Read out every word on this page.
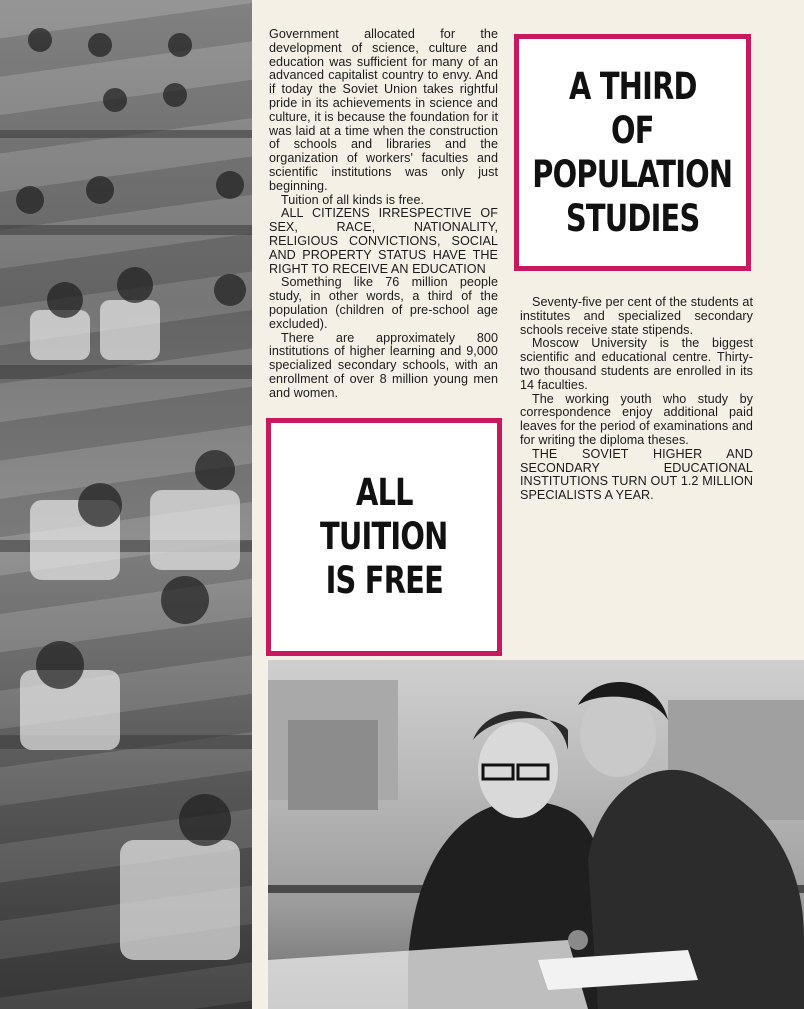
Government allocated for the development of science, culture and education was sufficient for many of an advanced capitalist country to envy. And if today the Soviet Union takes rightful pride in its achievements in science and culture, it is because the foundation for it was laid at a time when the construction of schools and libraries and the organization of workers' faculties and scientific institutions was only just beginning.

Tuition of all kinds is free.

ALL CITIZENS IRRESPECTIVE OF SEX, RACE, NATIONALITY, RELIGIOUS CONVICTIONS, SOCIAL AND PROPERTY STATUS HAVE THE RIGHT TO RECEIVE AN EDUCATION

Something like 76 million people study, in other words, a third of the population (children of pre-school age excluded).

There are approximately 800 institutions of higher learning and 9,000 specialized secondary schools, with an enrollment of over 8 million young men and women.

A THIRD
OF
POPULATION
STUDIES

Seventy-five per cent of the students at institutes and specialized secondary schools receive state stipends.

Moscow University is the biggest scientific and educational centre. Thirty-two thousand students are enrolled in its 14 faculties.

The working youth who study by correspondence enjoy additional paid leaves for the period of examinations and for writing the diploma theses.

THE SOVIET HIGHER AND SECONDARY EDUCATIONAL INSTITUTIONS TURN OUT 1.2 MILLION SPECIALISTS A YEAR.

ALL
TUITION
IS FREE
